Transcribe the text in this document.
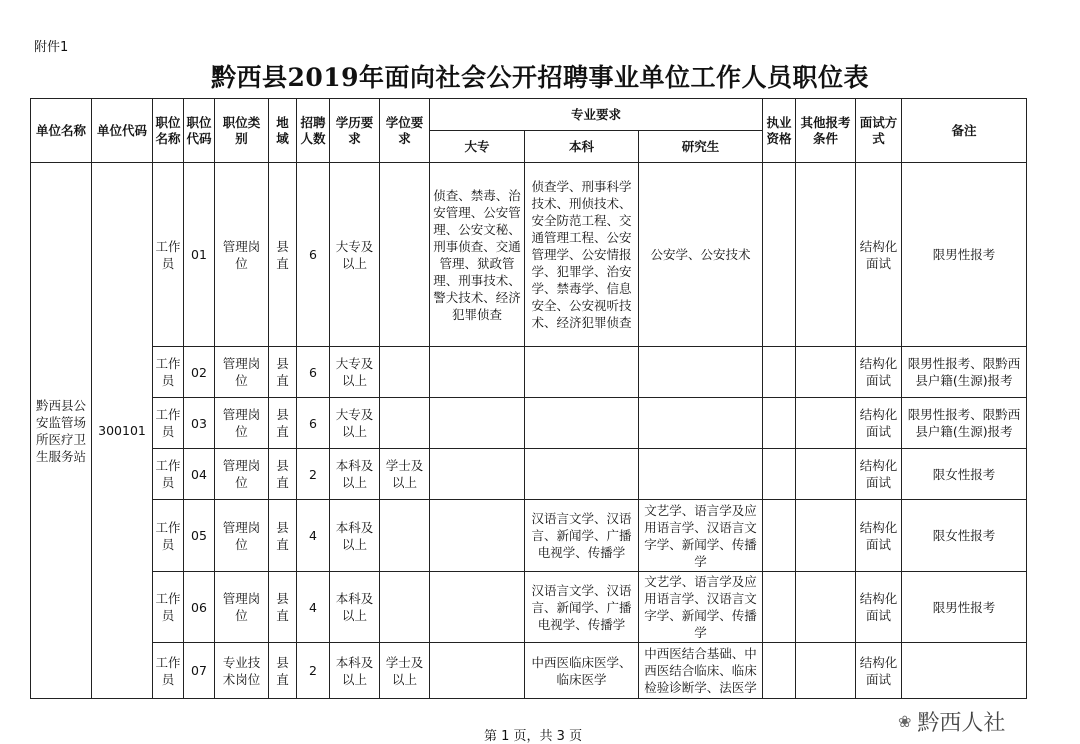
附件1
黔西县2019年面向社会公开招聘事业单位工作人员职位表
单位名称	单位代码	职位名称	职位代码	职位类别	地域	招聘人数	学历要求	学位要求	专业要求			执业资格	其他报考条件	面试方式	备注
									大专	本科	研究生				
黔西县公安监管场所医疗卫生服务站	300101	工作员	01	管理岗位	县直	6	大专及以上		侦查、禁毒、治安管理、公安管理、公安文秘、刑事侦查、交通管理、狱政管理、刑事技术、警犬技术、经济犯罪侦查	侦查学、刑事科学技术、刑侦技术、安全防范工程、交通管理工程、公安管理学、公安情报学、犯罪学、治安学、禁毒学、信息安全、公安视听技术、经济犯罪侦查	公安学、公安技术			结构化面试	限男性报考
		工作员	02	管理岗位	县直	6	大专及以上							结构化面试	限男性报考、限黔西县户籍(生源)报考
		工作员	03	管理岗位	县直	6	大专及以上							结构化面试	限男性报考、限黔西县户籍(生源)报考
		工作员	04	管理岗位	县直	2	本科及以上	学士及以上						结构化面试	限女性报考
		工作员	05	管理岗位	县直	4	本科及以上			汉语言文学、汉语言、新闻学、广播电视学、传播学	文艺学、语言学及应用语言学、汉语言文字学、新闻学、传播学			结构化面试	限女性报考
		工作员	06	管理岗位	县直	4	本科及以上			汉语言文学、汉语言、新闻学、广播电视学、传播学	文艺学、语言学及应用语言学、汉语言文字学、新闻学、传播学			结构化面试	限男性报考
		工作员	07	专业技术岗位	县直	2	本科及以上	学士及以上		中西医临床医学、临床医学	中西医结合基础、中西医结合临床、临床检验诊断学、法医学			结构化面试	
❀ 黔西人社
第 1 页，共 3 页
